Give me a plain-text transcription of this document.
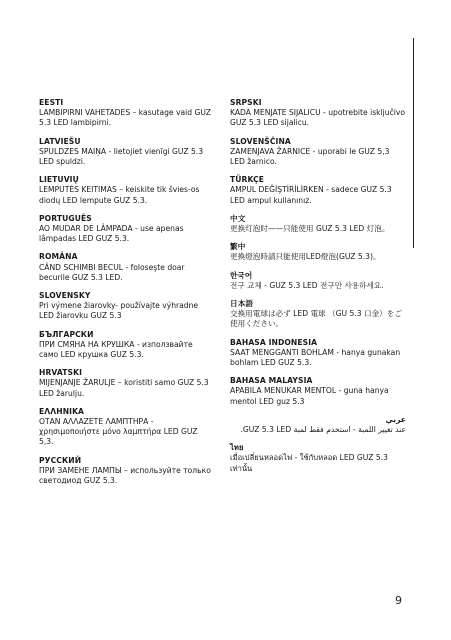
EESTI
LAMBIPIRNI VAHETADES – kasutage vaid GUZ 5.3 LED lambipirni.
LATVIEŠU
SPULDZES MAIŅA - lietojiet vienīgi GUZ 5.3 LED spuldzi.
LIETUVIŲ
LEMPUTĖS KEITIMAS – keiskite tik švies-os diodų LED lempute GUZ 5.3.
PORTUGUÊS
AO MUDAR DE LÂMPADA - use apenas lâmpadas LED GUZ 5.3.
ROMÂNA
CÂND SCHIMBI BECUL - foloseşte doar becurile GUZ 5.3 LED.
SLOVENSKY
Pri výmene žiarovky- používajte výhradne LED žiarovku GUZ 5.3
БЪЛГАРСКИ
ПРИ СМЯНА НА КРУШКА - използвайте само LED крушка GUZ 5.3.
HRVATSKI
MIJENJANJE ŽARULJE – koristiti samo GUZ 5.3 LED žarulju.
ΕΛΛΗΝΙΚΑ
ΟΤΑΝ ΑΛΛΑΖΕΤΕ ΛΑΜΠΤΗΡΑ - χρησιμοποιήστε μόνο λαμπτήρα LED GUZ 5,3.
РУССКИЙ
ПРИ ЗАМЕНЕ ЛАМПЫ – используйте только светодиод GUZ 5.3.
SRPSKI
KADA MENJATE SIJALICU - upotrebite isključivo GUZ 5.3 LED sijalicu.
SLOVENŠČINA
ZAMENJAVA ŽARNICE - uporabi le GUZ 5,3 LED žarnico.
TÜRKÇE
AMPUL DEĞİŞTİRİLİRKEN - sadece GUZ 5.3 LED ampul kullanınız.
中文
更换灯泡时——只能使用 GUZ 5.3 LED 灯泡。
繁中
更換燈泡時請只能使用LED燈泡(GUZ 5.3)。
한국어
전구 교체 - GUZ 5.3 LED 전구만 사용하세요.
日本語
交換用電球は必ず LED 電球 （GU 5.3 口金）をご使用ください。
BAHASA INDONESIA
SAAT MENGGANTI BOHLAM - hanya gunakan bohlam LED GUZ 5.3.
BAHASA MALAYSIA
APABILA MENUKAR MENTOL - guna hanya mentol LED guz 5.3
عربي
عند تغيير اللمبة - استخدم فقط لمبة GUZ 5.3 LED.
ไทย
เมื่อเปลี่ยนหลอดไฟ - ใช้กับหลอด LED GUZ 5.3 เท่านั้น
9
